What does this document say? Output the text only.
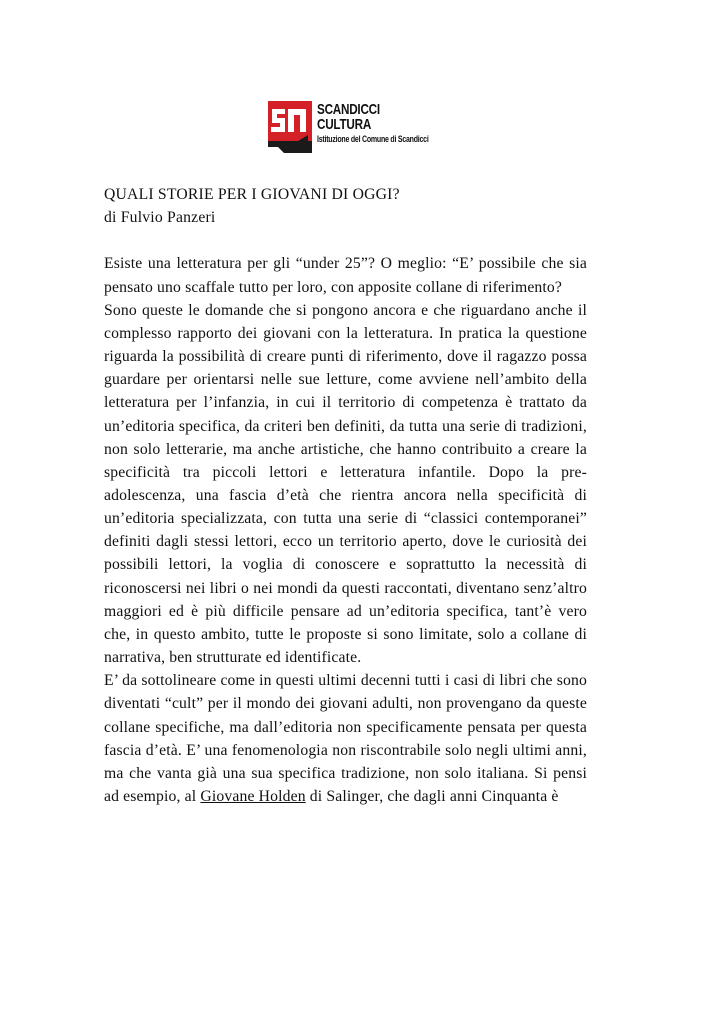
SCANDICCI
CULTURA
Istituzione del Comune di Scandicci

QUALI STORIE PER I GIOVANI DI OGGI?

di Fulvio Panzeri

Esiste una letteratura per gli “under 25”? O meglio: “E’ possibile che sia pensato uno scaffale tutto per loro, con apposite collane di riferimento?

Sono queste le domande che si pongono ancora e che riguardano anche il complesso rapporto dei giovani con la letteratura. In pratica la questione riguarda la possibilità di creare punti di riferimento, dove il ragazzo possa guardare per orientarsi nelle sue letture, come avviene nell’ambito della letteratura per l’infanzia, in cui il territorio di competenza è trattato da un’editoria specifica, da criteri ben definiti, da tutta una serie di tradizioni, non solo letterarie, ma anche artistiche, che hanno contribuito a creare la specificità tra piccoli lettori e letteratura infantile. Dopo la pre-adolescenza, una fascia d’età che rientra ancora nella specificità di un’editoria specializzata, con tutta una serie di “classici contemporanei” definiti dagli stessi lettori, ecco un territorio aperto, dove le curiosità dei possibili lettori, la voglia di conoscere e soprattutto la necessità di riconoscersi nei libri o nei mondi da questi raccontati, diventano senz’altro maggiori ed è più difficile pensare ad un’editoria specifica, tant’è vero che, in questo ambito, tutte le proposte si sono limitate, solo a collane di narrativa, ben strutturate ed identificate.

E’ da sottolineare come in questi ultimi decenni tutti i casi di libri che sono diventati “cult” per il mondo dei giovani adulti, non provengano da queste collane specifiche, ma dall’editoria non specificamente pensata per questa fascia d’età. E’ una fenomenologia non riscontrabile solo negli ultimi anni, ma che vanta già una sua specifica tradizione, non solo italiana. Si pensi ad esempio, al Giovane Holden di Salinger, che dagli anni Cinquanta è
